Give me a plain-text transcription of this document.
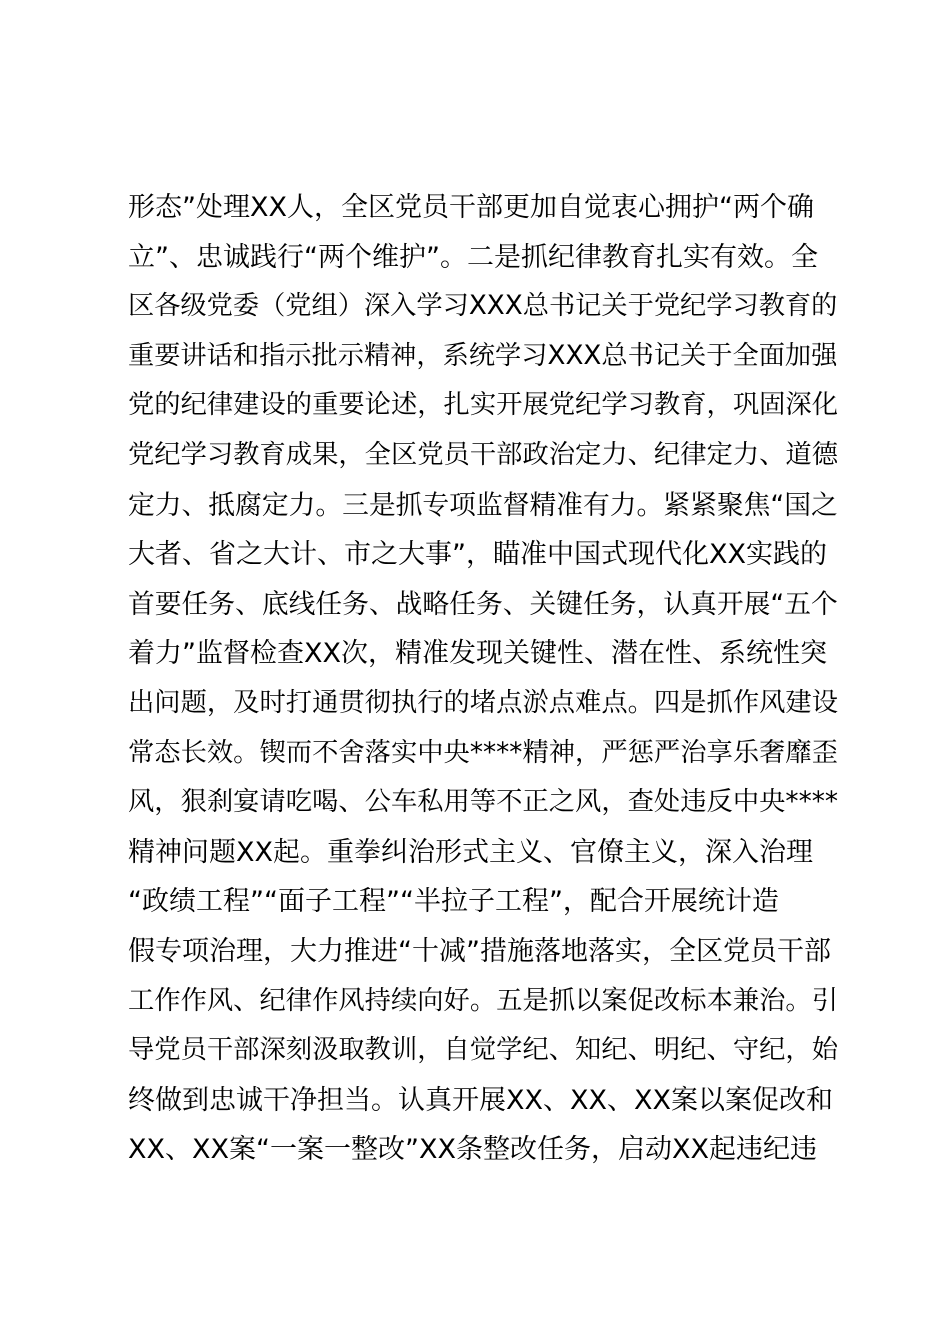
形态”处理XX人，全区党员干部更加自觉衷心拥护“两个确
立”、忠诚践行“两个维护”。二是抓纪律教育扎实有效。全
区各级党委（党组）深入学习XXX总书记关于党纪学习教育的
重要讲话和指示批示精神，系统学习XXX总书记关于全面加强
党的纪律建设的重要论述，扎实开展党纪学习教育，巩固深化
党纪学习教育成果，全区党员干部政治定力、纪律定力、道德
定力、抵腐定力。三是抓专项监督精准有力。紧紧聚焦“国之
大者、省之大计、市之大事”，瞄准中国式现代化XX实践的
首要任务、底线任务、战略任务、关键任务，认真开展“五个
着力”监督检查XX次，精准发现关键性、潜在性、系统性突
出问题，及时打通贯彻执行的堵点淤点难点。四是抓作风建设
常态长效。锲而不舍落实中央****精神，严惩严治享乐奢靡歪
风，狠刹宴请吃喝、公车私用等不正之风，查处违反中央****
精神问题XX起。重拳纠治形式主义、官僚主义，深入治理
“政绩工程”“面子工程”“半拉子工程”，配合开展统计造
假专项治理，大力推进“十减”措施落地落实，全区党员干部
工作作风、纪律作风持续向好。五是抓以案促改标本兼治。引
导党员干部深刻汲取教训，自觉学纪、知纪、明纪、守纪，始
终做到忠诚干净担当。认真开展XX、XX、XX案以案促改和
XX、XX案“一案一整改”XX条整改任务，启动XX起违纪违
